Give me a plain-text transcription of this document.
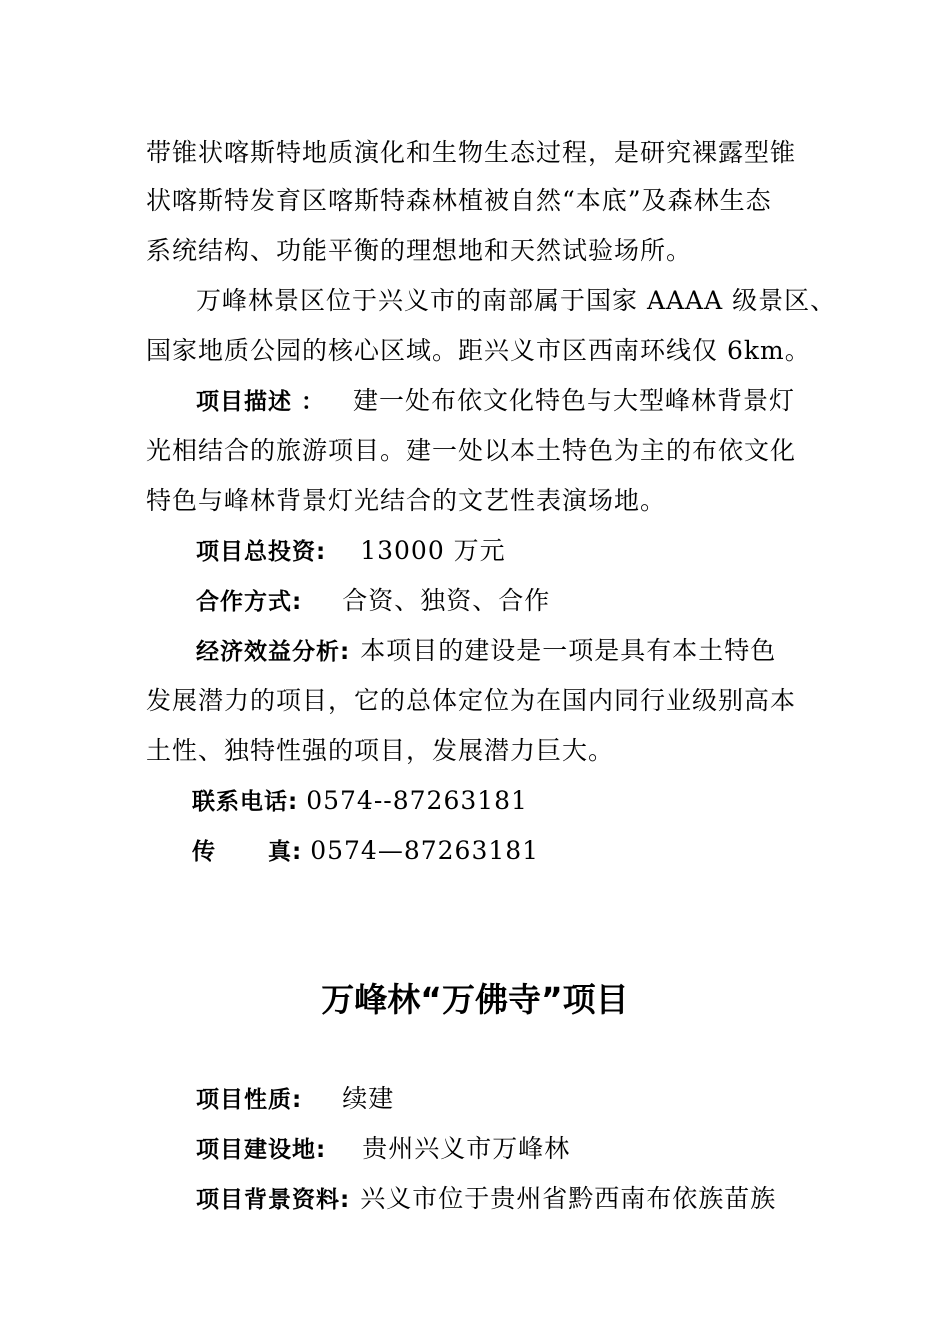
带锥状喀斯特地质演化和生物生态过程，是研究裸露型锥
状喀斯特发育区喀斯特森林植被自然“本底”及森林生态
系统结构、功能平衡的理想地和天然试验场所。
万峰林景区位于兴义市的南部属于国家 AAAA 级景区、
国家地质公园的核心区域。距兴义市区西南环线仅 6km。
项目描述 ： 建一处布依文化特色与大型峰林背景灯
光相结合的旅游项目。建一处以本土特色为主的布依文化
特色与峰林背景灯光结合的文艺性表演场地。
项目总投资: 13000 万元
合作方式: 合资、独资、合作
经济效益分析: 本项目的建设是一项是具有本土特色
发展潜力的项目，它的总体定位为在国内同行业级别高本
土性、独特性强的项目，发展潜力巨大。
联系电话: 0574--87263181
传 真: 0574—87263181
万峰林“万佛寺”项目
项目性质: 续建
项目建设地: 贵州兴义市万峰林
项目背景资料: 兴义市位于贵州省黔西南布依族苗族
